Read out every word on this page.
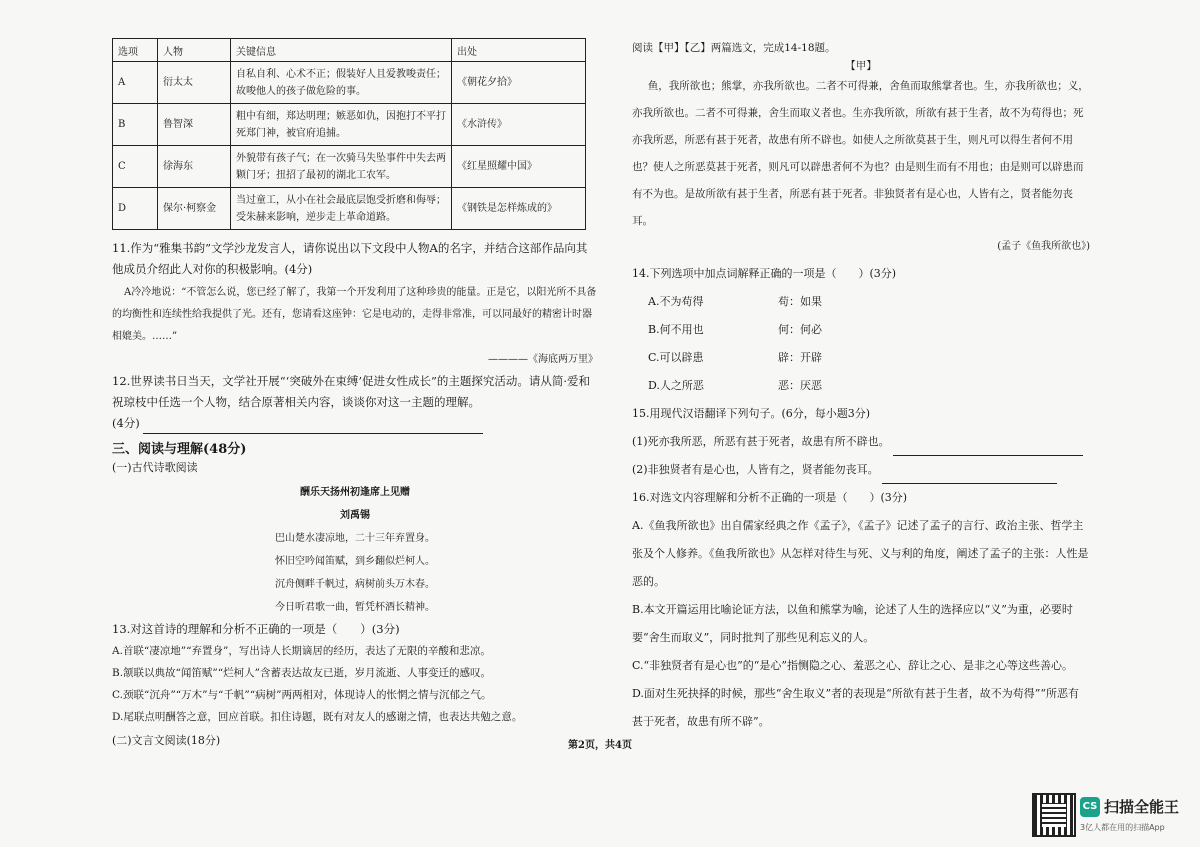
选项	人物	关键信息	出处
A	衍太太	自私自利、心术不正；假装好人且爱教唆责任；故唆他人的孩子做危险的事。	《朝花夕拾》
B	鲁智深	粗中有细，郑达明理；嫉恶如仇，因抱打不平打死郑门神，被官府追捕。	《水浒传》
C	徐海东	外貌带有孩子气；在一次骑马失坠事件中失去两颗门牙；扭招了最初的湖北工农军。	《红星照耀中国》
D	保尔·柯察金	当过童工，从小在社会最底层饱受折磨和侮辱；受朱赫来影响，逆步走上革命道路。	《钢铁是怎样炼成的》

11.作为“雅集书韵”文学沙龙发言人，请你说出以下文段中人物A的名字，并结合这部作品向其他成员介绍此人对你的积极影响。(4分)

A冷冷地说：“不管怎么说，您已经了解了，我第一个开发利用了这种珍贵的能量。正是它，以阳光所不具备的均衡性和连续性给我提供了光。还有，您请看这座钟：它是电动的，走得非常准，可以同最好的精密计时器相媲美。……”

————《海底两万里》

12.世界读书日当天，文学社开展“‘突破外在束缚’促进女性成长”的主题探究活动。请从简·爱和祝琼枝中任选一个人物，结合原著相关内容，谈谈你对这一主题的理解。

(4分)

三、阅读与理解(48分)

(一)古代诗歌阅读

酬乐天扬州初逢席上见赠

刘禹锡

巴山楚水凄凉地，二十三年弃置身。

怀旧空吟闻笛赋，到乡翻似烂柯人。

沉舟侧畔千帆过，病树前头万木春。

今日听君歌一曲，暂凭杯酒长精神。

13.对这首诗的理解和分析不正确的一项是（　　）(3分)

A.首联“凄凉地”“弃置身”，写出诗人长期谪居的经历，表达了无限的辛酸和悲凉。

B.颔联以典故“闻笛赋”“烂柯人”含蓄表达故友已逝，岁月流逝、人事变迁的感叹。

C.颈联“沉舟”“万木”与“千帆”“病树”两两相对，体现诗人的怅惘之情与沉郁之气。

D.尾联点明酬答之意，回应首联。扣住诗题，既有对友人的感谢之情，也表达共勉之意。

(二)文言文阅读(18分)

阅读【甲】【乙】两篇选文，完成14-18题。

【甲】

鱼，我所欲也；熊掌，亦我所欲也。二者不可得兼，舍鱼而取熊掌者也。生，亦我所欲也；义，亦我所欲也。二者不可得兼，舍生而取义者也。生亦我所欲，所欲有甚于生者，故不为苟得也；死亦我所恶，所恶有甚于死者，故患有所不辟也。如使人之所欲莫甚于生，则凡可以得生者何不用也？使人之所恶莫甚于死者，则凡可以辟患者何不为也？由是则生而有不用也；由是则可以辟患而有不为也。是故所欲有甚于生者，所恶有甚于死者。非独贤者有是心也，人皆有之，贤者能勿丧耳。

(孟子《鱼我所欲也》)

14.下列选项中加点词解释正确的一项是（　　）(3分)

A.不为苟得	苟：如果
B.何不用也	何：何必
C.可以辟患	辟：开辟
D.人之所恶	恶：厌恶

15.用现代汉语翻译下列句子。(6分，每小题3分)

(1)死亦我所恶，所恶有甚于死者，故患有所不辟也。

(2)非独贤者有是心也，人皆有之，贤者能勿丧耳。

16.对选文内容理解和分析不正确的一项是（　　）(3分)

A.《鱼我所欲也》出自儒家经典之作《孟子》，《孟子》记述了孟子的言行、政治主张、哲学主张及个人修养。《鱼我所欲也》从怎样对待生与死、义与利的角度，阐述了孟子的主张：人性是恶的。

B.本文开篇运用比喻论证方法，以鱼和熊掌为喻，论述了人生的选择应以“义”为重，必要时要“舍生而取义”，同时批判了那些见利忘义的人。

C.“非独贤者有是心也”的“是心”指恻隐之心、羞恶之心、辞让之心、是非之心等这些善心。

D.面对生死抉择的时候，那些“舍生取义”者的表现是“所欲有甚于生者，故不为苟得”“所恶有甚于死者，故患有所不辟”。

第2页，共4页
CS 扫描全能王
3亿人都在用的扫描App
